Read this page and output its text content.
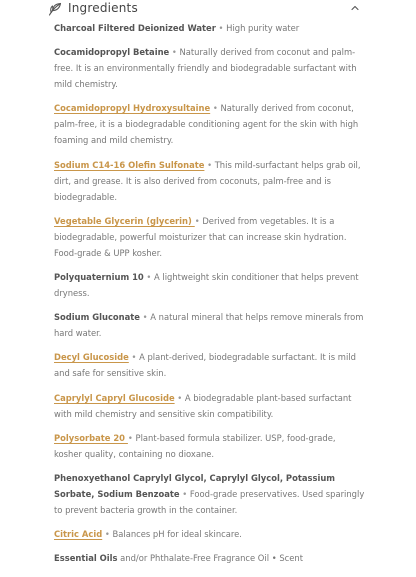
Ingredients

Charcoal Filtered Deionized Water • High purity water

Cocamidopropyl Betaine • Naturally derived from coconut and palm-free. It is an environmentally friendly and biodegradable surfactant with mild chemistry.

Cocamidopropyl Hydroxysultaine • Naturally derived from coconut, palm-free, it is a biodegradable conditioning agent for the skin with high foaming and mild chemistry.

Sodium C14-16 Olefin Sulfonate • This mild-surfactant helps grab oil, dirt, and grease. It is also derived from coconuts, palm-free and is biodegradable.

Vegetable Glycerin (glycerin) • Derived from vegetables. It is a biodegradable, powerful moisturizer that can increase skin hydration. Food-grade & UPP kosher.

Polyquaternium 10 • A lightweight skin conditioner that helps prevent dryness.

Sodium Gluconate • A natural mineral that helps remove minerals from hard water.

Decyl Glucoside • A plant-derived, biodegradable surfactant. It is mild and safe for sensitive skin.

Caprylyl Capryl Glucoside • A biodegradable plant-based surfactant with mild chemistry and sensitive skin compatibility.

Polysorbate 20 • Plant-based formula stabilizer. USP, food-grade, kosher quality, containing no dioxane.

Phenoxyethanol Caprylyl Glycol, Caprylyl Glycol, Potassium Sorbate, Sodium Benzoate • Food-grade preservatives. Used sparingly to prevent bacteria growth in the container.

Citric Acid • Balances pH for ideal skincare.

Essential Oils and/or Phthalate-Free Fragrance Oil • Scent
